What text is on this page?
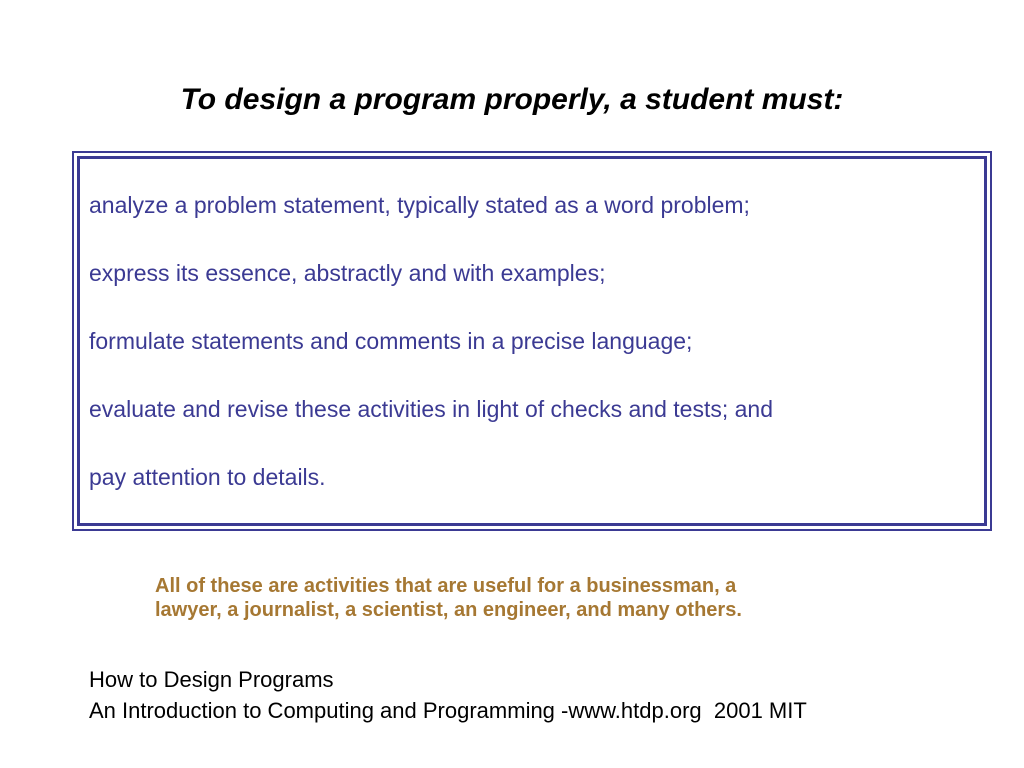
To design a program properly, a student must:
analyze a problem statement, typically stated as a word problem;
express its essence, abstractly and with examples;
formulate statements and comments in a precise language;
evaluate and revise these activities in light of checks and tests; and
pay attention to details.

All of these are activities that are useful for a businessman, a
lawyer, a journalist, a scientist, an engineer, and many others.

How to Design Programs
An Introduction to Computing and Programming -www.htdp.org  2001 MIT
